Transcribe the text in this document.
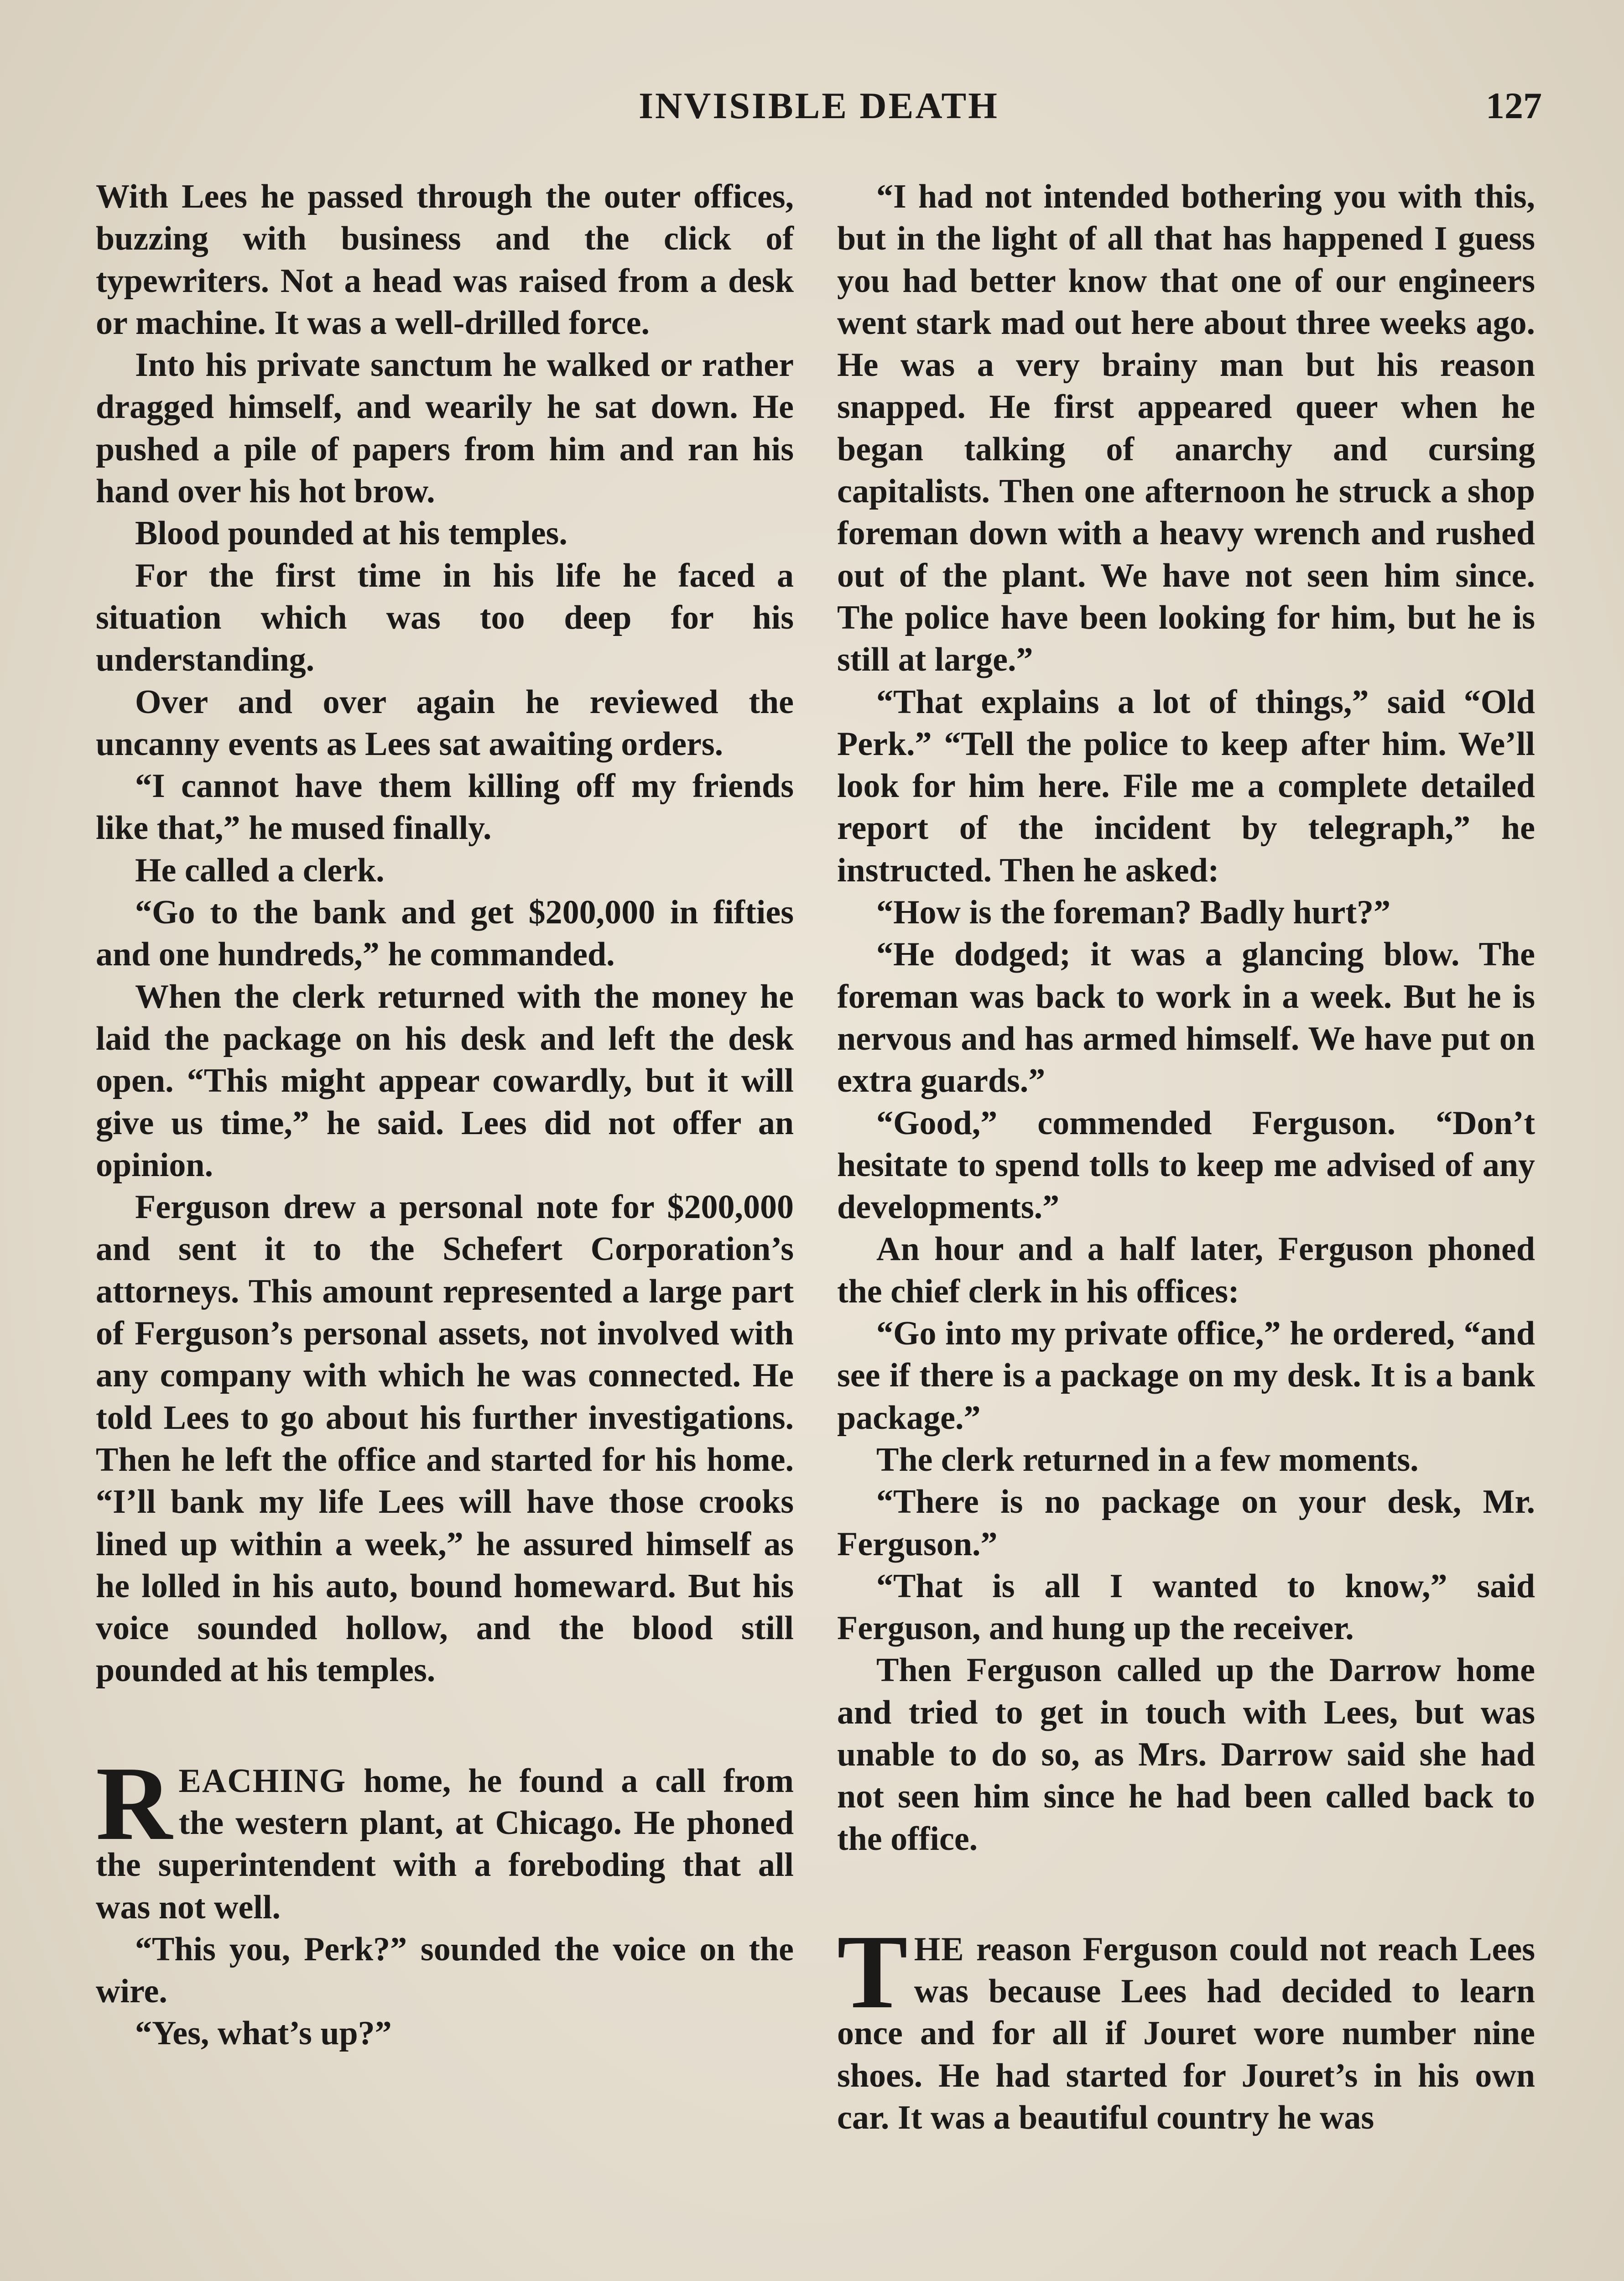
INVISIBLE DEATH	127

With Lees he passed through the outer offices, buzzing with business and the click of typewriters. Not a head was raised from a desk or machine. It was a well-drilled force.

Into his private sanctum he walked or rather dragged himself, and wearily he sat down. He pushed a pile of papers from him and ran his hand over his hot brow.

Blood pounded at his temples.

For the first time in his life he faced a situation which was too deep for his understanding.

Over and over again he reviewed the uncanny events as Lees sat awaiting orders.

“I cannot have them killing off my friends like that,” he mused finally.

He called a clerk.

“Go to the bank and get $200,000 in fifties and one hundreds,” he commanded.

When the clerk returned with the money he laid the package on his desk and left the desk open. “This might appear cowardly, but it will give us time,” he said. Lees did not offer an opinion.

Ferguson drew a personal note for $200,000 and sent it to the Schefert Corporation’s attorneys. This amount represented a large part of Ferguson’s personal assets, not involved with any company with which he was connected. He told Lees to go about his further investigations. Then he left the office and started for his home. “I’ll bank my life Lees will have those crooks lined up within a week,” he assured himself as he lolled in his auto, bound homeward. But his voice sounded hollow, and the blood still pounded at his temples.

REACHING home, he found a call from the western plant, at Chicago. He phoned the superintendent with a foreboding that all was not well.

“This you, Perk?” sounded the voice on the wire.

“Yes, what’s up?”

“I had not intended bothering you with this, but in the light of all that has happened I guess you had better know that one of our engineers went stark mad out here about three weeks ago. He was a very brainy man but his reason snapped. He first appeared queer when he began talking of anarchy and cursing capitalists. Then one afternoon he struck a shop foreman down with a heavy wrench and rushed out of the plant. We have not seen him since. The police have been looking for him, but he is still at large.”

“That explains a lot of things,” said “Old Perk.” “Tell the police to keep after him. We’ll look for him here. File me a complete detailed report of the incident by telegraph,” he instructed. Then he asked:

“How is the foreman? Badly hurt?”

“He dodged; it was a glancing blow. The foreman was back to work in a week. But he is nervous and has armed himself. We have put on extra guards.”

“Good,” commended Ferguson. “Don’t hesitate to spend tolls to keep me advised of any developments.”

An hour and a half later, Ferguson phoned the chief clerk in his offices:

“Go into my private office,” he ordered, “and see if there is a package on my desk. It is a bank package.”

The clerk returned in a few moments.

“There is no package on your desk, Mr. Ferguson.”

“That is all I wanted to know,” said Ferguson, and hung up the receiver.

Then Ferguson called up the Darrow home and tried to get in touch with Lees, but was unable to do so, as Mrs. Darrow said she had not seen him since he had been called back to the office.

THE reason Ferguson could not reach Lees was because Lees had decided to learn once and for all if Jouret wore number nine shoes. He had started for Jouret’s in his own car. It was a beautiful country he was
